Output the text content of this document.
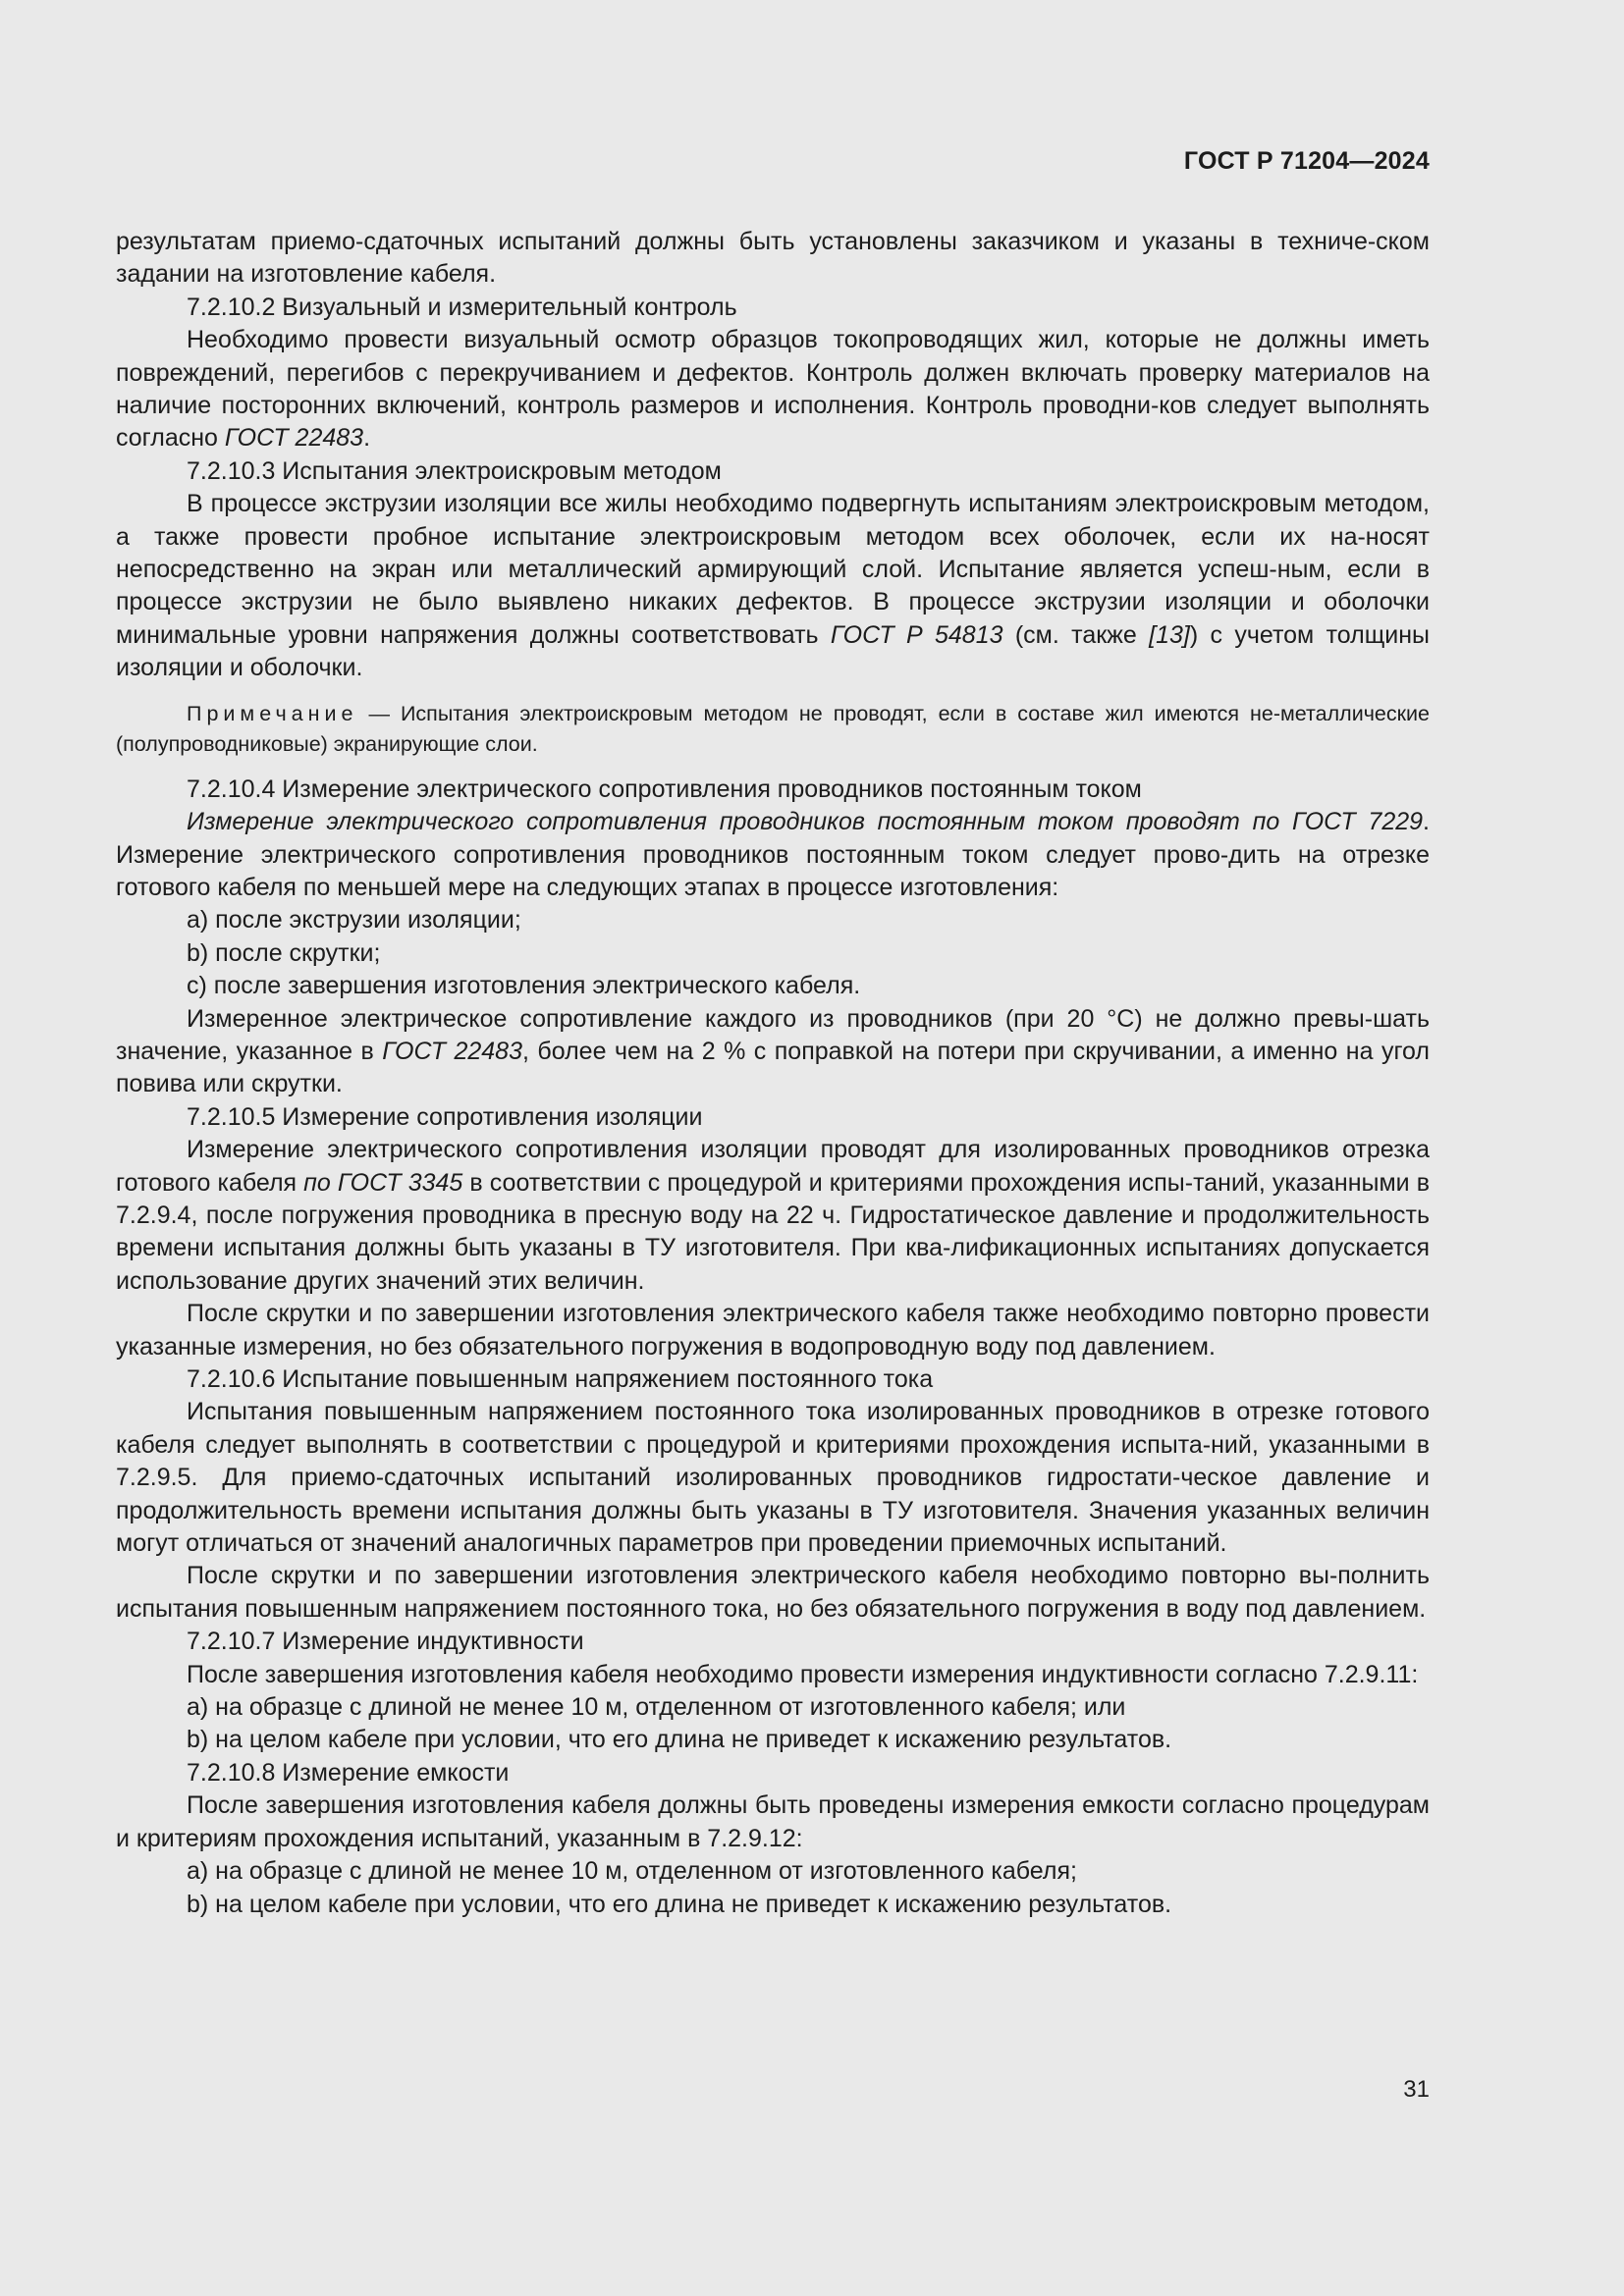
ГОСТ Р 71204—2024

результатам приемо-сдаточных испытаний должны быть установлены заказчиком и указаны в техниче-ском задании на изготовление кабеля.

7.2.10.2 Визуальный и измерительный контроль

Необходимо провести визуальный осмотр образцов токопроводящих жил, которые не должны иметь повреждений, перегибов с перекручиванием и дефектов. Контроль должен включать проверку материалов на наличие посторонних включений, контроль размеров и исполнения. Контроль проводни-ков следует выполнять согласно ГОСТ 22483.

7.2.10.3 Испытания электроискровым методом

В процессе экструзии изоляции все жилы необходимо подвергнуть испытаниям электроискровым методом, а также провести пробное испытание электроискровым методом всех оболочек, если их на-носят непосредственно на экран или металлический армирующий слой. Испытание является успеш-ным, если в процессе экструзии не было выявлено никаких дефектов. В процессе экструзии изоляции и оболочки минимальные уровни напряжения должны соответствовать ГОСТ Р 54813 (см. также [13]) с учетом толщины изоляции и оболочки.

Примечание — Испытания электроискровым методом не проводят, если в составе жил имеются не-металлические (полупроводниковые) экранирующие слои.

7.2.10.4 Измерение электрического сопротивления проводников постоянным током

Измерение электрического сопротивления проводников постоянным током проводят по ГОСТ 7229. Измерение электрического сопротивления проводников постоянным током следует прово-дить на отрезке готового кабеля по меньшей мере на следующих этапах в процессе изготовления:

a) после экструзии изоляции;

b) после скрутки;

c) после завершения изготовления электрического кабеля.

Измеренное электрическое сопротивление каждого из проводников (при 20 °C) не должно превы-шать значение, указанное в ГОСТ 22483, более чем на 2 % с поправкой на потери при скручивании, а именно на угол повива или скрутки.

7.2.10.5 Измерение сопротивления изоляции

Измерение электрического сопротивления изоляции проводят для изолированных проводников отрезка готового кабеля по ГОСТ 3345 в соответствии с процедурой и критериями прохождения испы-таний, указанными в 7.2.9.4, после погружения проводника в пресную воду на 22 ч. Гидростатическое давление и продолжительность времени испытания должны быть указаны в ТУ изготовителя. При ква-лификационных испытаниях допускается использование других значений этих величин.

После скрутки и по завершении изготовления электрического кабеля также необходимо повторно провести указанные измерения, но без обязательного погружения в водопроводную воду под давлением.

7.2.10.6 Испытание повышенным напряжением постоянного тока

Испытания повышенным напряжением постоянного тока изолированных проводников в отрезке готового кабеля следует выполнять в соответствии с процедурой и критериями прохождения испыта-ний, указанными в 7.2.9.5. Для приемо-сдаточных испытаний изолированных проводников гидростати-ческое давление и продолжительность времени испытания должны быть указаны в ТУ изготовителя. Значения указанных величин могут отличаться от значений аналогичных параметров при проведении приемочных испытаний.

После скрутки и по завершении изготовления электрического кабеля необходимо повторно вы-полнить испытания повышенным напряжением постоянного тока, но без обязательного погружения в воду под давлением.

7.2.10.7 Измерение индуктивности

После завершения изготовления кабеля необходимо провести измерения индуктивности согласно 7.2.9.11:

a) на образце с длиной не менее 10 м, отделенном от изготовленного кабеля; или

b) на целом кабеле при условии, что его длина не приведет к искажению результатов.

7.2.10.8 Измерение емкости

После завершения изготовления кабеля должны быть проведены измерения емкости согласно процедурам и критериям прохождения испытаний, указанным в 7.2.9.12:

a) на образце с длиной не менее 10 м, отделенном от изготовленного кабеля;

b) на целом кабеле при условии, что его длина не приведет к искажению результатов.

31
